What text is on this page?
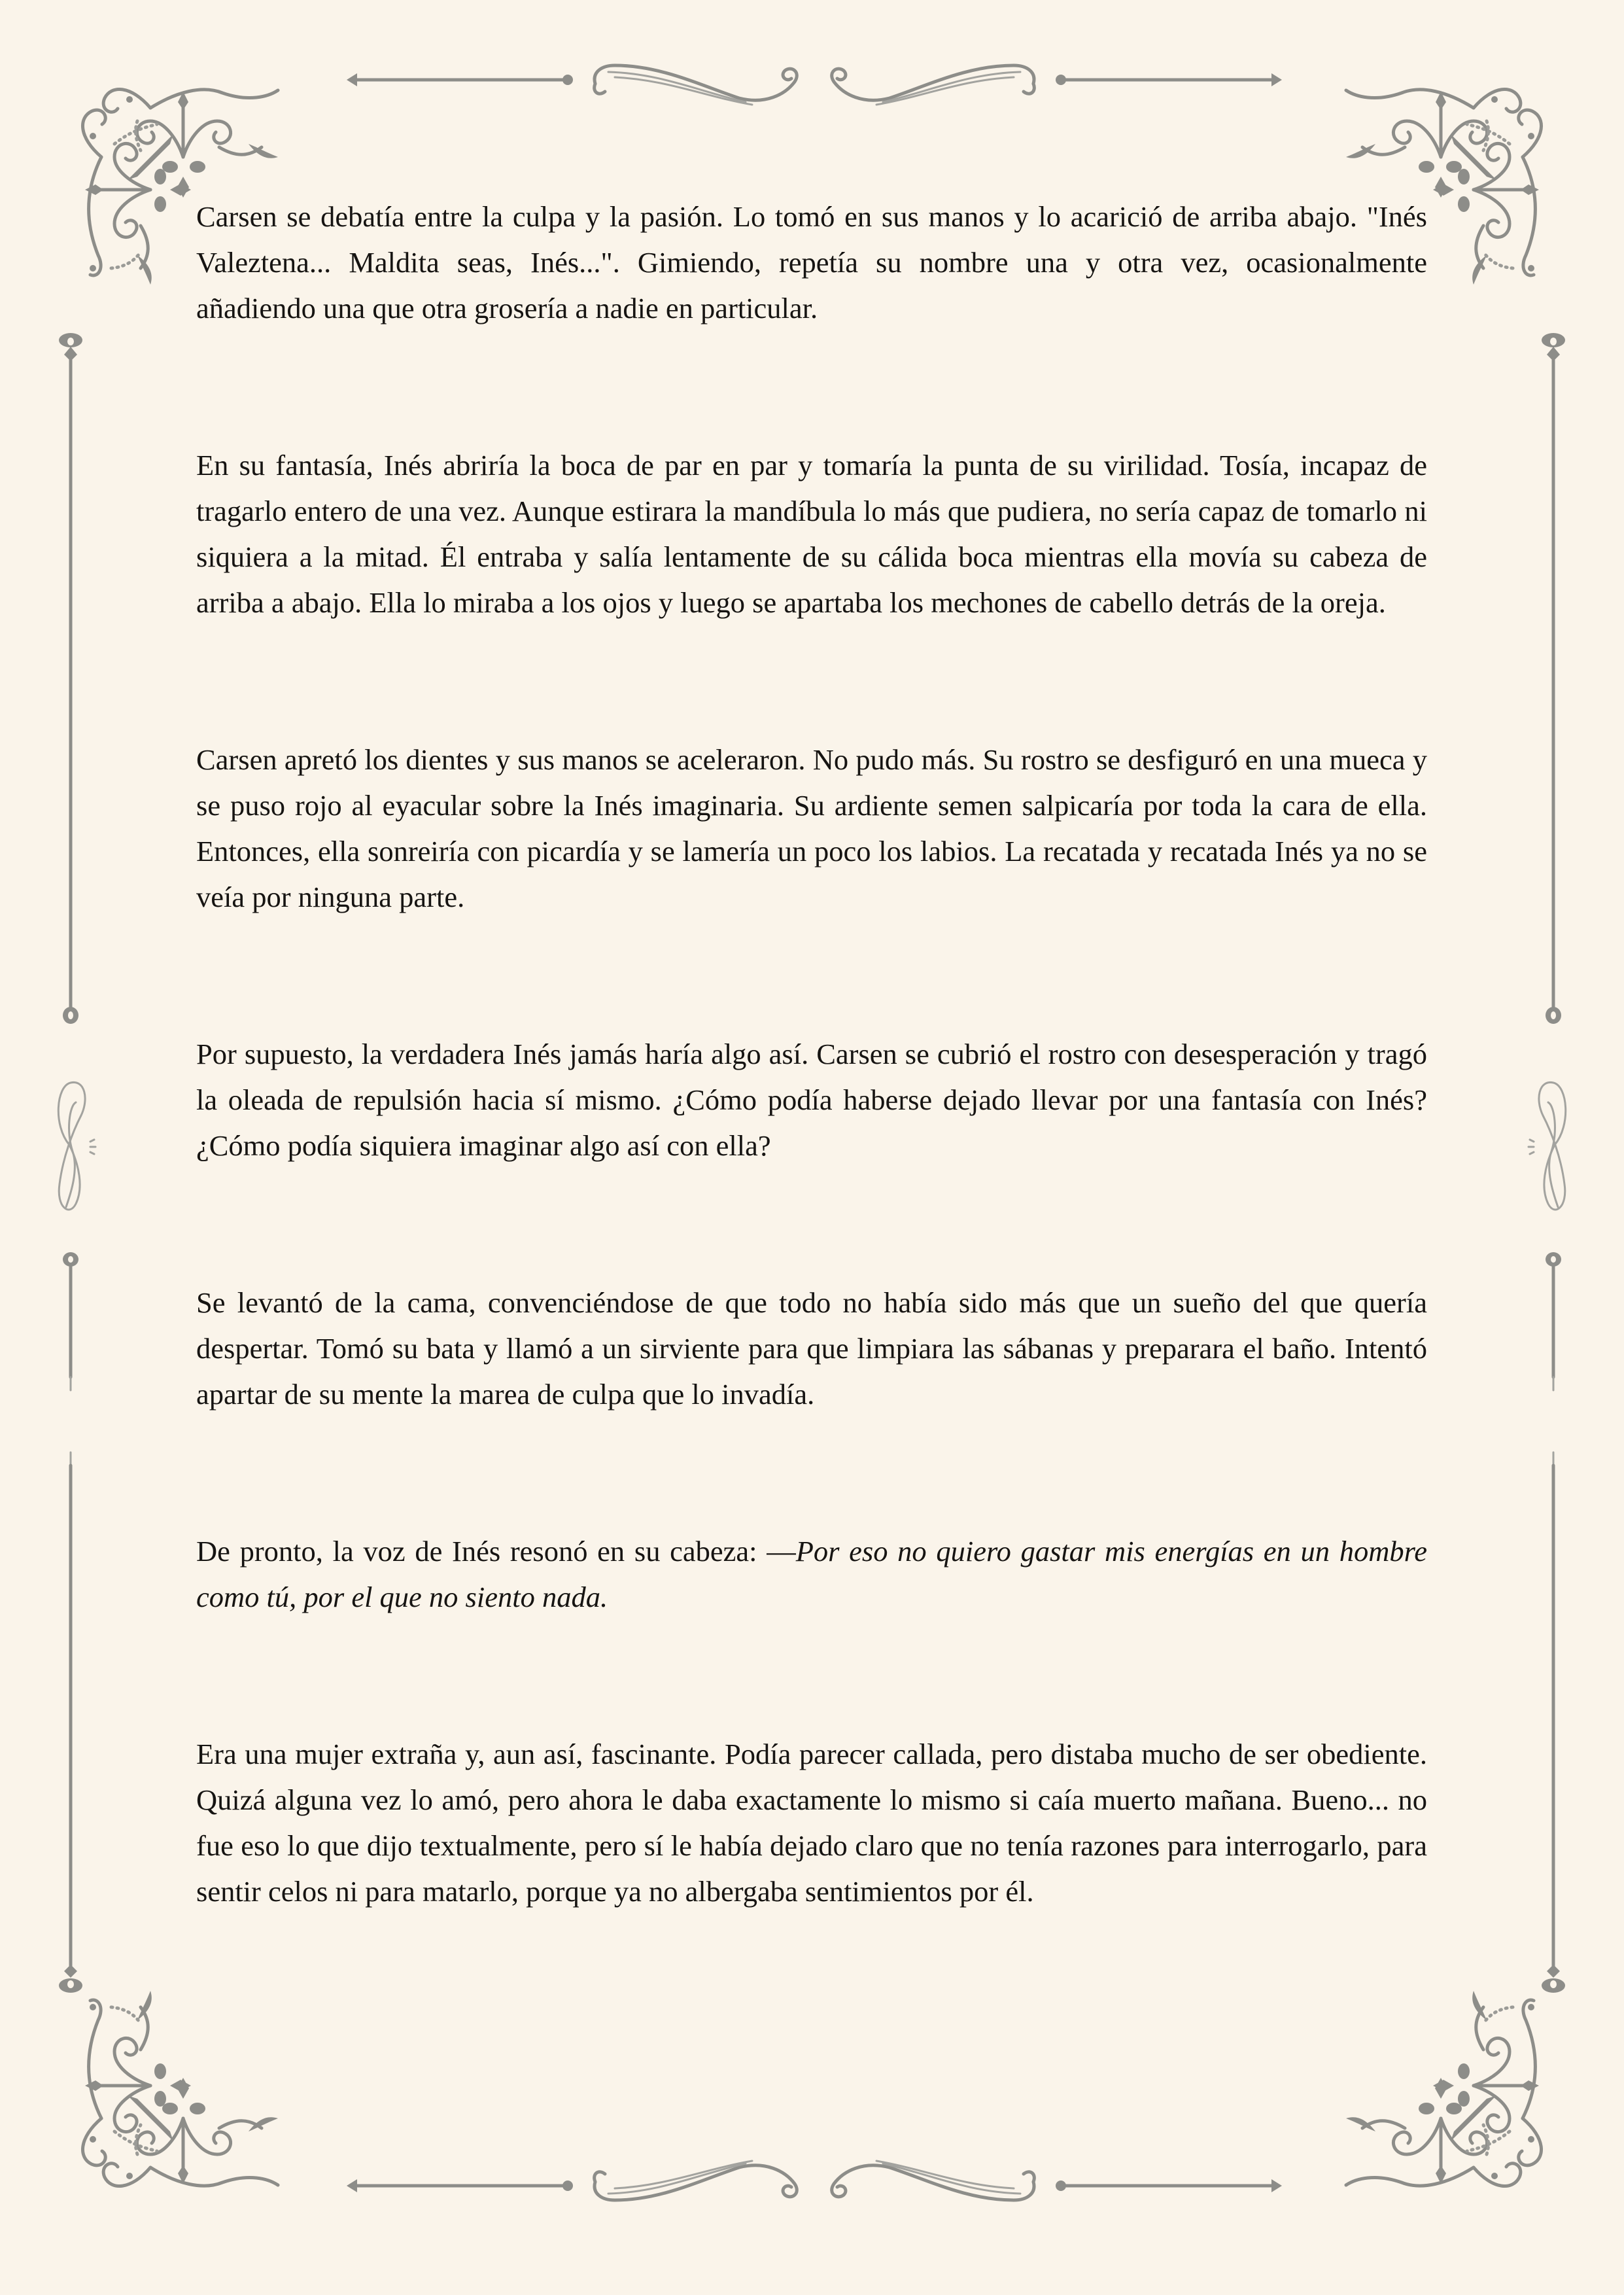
Carsen se debatía entre la culpa y la pasión. Lo tomó en sus manos y lo acarició de arriba abajo. "Inés Valeztena... Maldita seas, Inés...". Gimiendo, repetía su nombre una y otra vez, ocasionalmente añadiendo una que otra grosería a nadie en particular.

En su fantasía, Inés abriría la boca de par en par y tomaría la punta de su virilidad. Tosía, incapaz de tragarlo entero de una vez. Aunque estirara la mandíbula lo más que pudiera, no sería capaz de tomarlo ni siquiera a la mitad. Él entraba y salía lentamente de su cálida boca mientras ella movía su cabeza de arriba a abajo. Ella lo miraba a los ojos y luego se apartaba los mechones de cabello detrás de la oreja.

Carsen apretó los dientes y sus manos se aceleraron. No pudo más. Su rostro se desfiguró en una mueca y se puso rojo al eyacular sobre la Inés imaginaria. Su ardiente semen salpicaría por toda la cara de ella. Entonces, ella sonreiría con picardía y se lamería un poco los labios. La recatada y recatada Inés ya no se veía por ninguna parte.

Por supuesto, la verdadera Inés jamás haría algo así. Carsen se cubrió el rostro con desesperación y tragó la oleada de repulsión hacia sí mismo. ¿Cómo podía haberse dejado llevar por una fantasía con Inés? ¿Cómo podía siquiera imaginar algo así con ella?

Se levantó de la cama, convenciéndose de que todo no había sido más que un sueño del que quería despertar. Tomó su bata y llamó a un sirviente para que limpiara las sábanas y preparara el baño. Intentó apartar de su mente la marea de culpa que lo invadía.

De pronto, la voz de Inés resonó en su cabeza: —Por eso no quiero gastar mis energías en un hombre como tú, por el que no siento nada.

Era una mujer extraña y, aun así, fascinante. Podía parecer callada, pero distaba mucho de ser obediente. Quizá alguna vez lo amó, pero ahora le daba exactamente lo mismo si caía muerto mañana. Bueno... no fue eso lo que dijo textualmente, pero sí le había dejado claro que no tenía razones para interrogarlo, para sentir celos ni para matarlo, porque ya no albergaba sentimientos por él.
